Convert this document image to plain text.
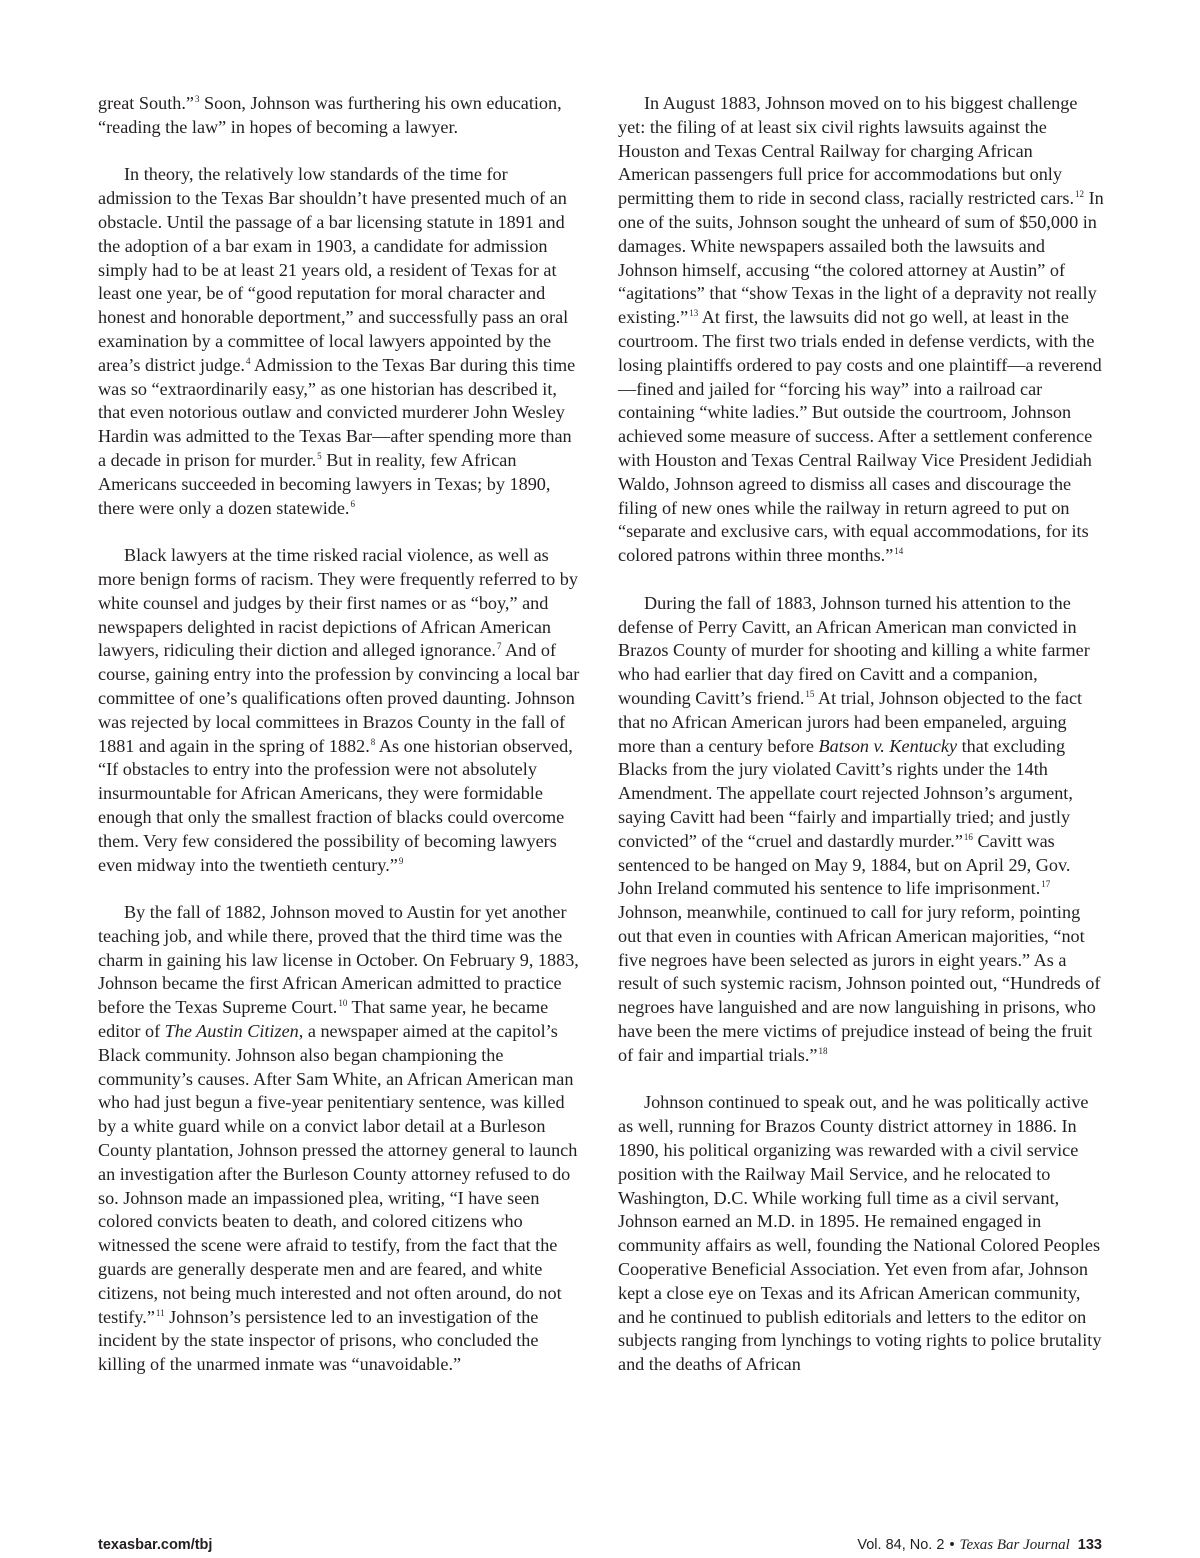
great South.”$^3$ Soon, Johnson was furthering his own education, “reading the law” in hopes of becoming a lawyer.

In theory, the relatively low standards of the time for admission to the Texas Bar shouldn’t have presented much of an obstacle. Until the passage of a bar licensing statute in 1891 and the adoption of a bar exam in 1903, a candidate for admission simply had to be at least 21 years old, a resident of Texas for at least one year, be of “good reputation for moral character and honest and honorable deportment,” and successfully pass an oral examination by a committee of local lawyers appointed by the area’s district judge.$^4$ Admission to the Texas Bar during this time was so “extraordinarily easy,” as one historian has described it, that even notorious outlaw and convicted murderer John Wesley Hardin was admitted to the Texas Bar—after spending more than a decade in prison for murder.$^5$ But in reality, few African Americans succeeded in becoming lawyers in Texas; by 1890, there were only a dozen statewide.$^6$

Black lawyers at the time risked racial violence, as well as more benign forms of racism. They were frequently referred to by white counsel and judges by their first names or as “boy,” and newspapers delighted in racist depictions of African American lawyers, ridiculing their diction and alleged ignorance.$^7$ And of course, gaining entry into the profession by convincing a local bar committee of one’s qualifications often proved daunting. Johnson was rejected by local committees in Brazos County in the fall of 1881 and again in the spring of 1882.$^8$ As one historian observed, “If obstacles to entry into the profession were not absolutely insurmountable for African Americans, they were formidable enough that only the smallest fraction of blacks could overcome them. Very few considered the possibility of becoming lawyers even midway into the twentieth century.”$^9$

By the fall of 1882, Johnson moved to Austin for yet another teaching job, and while there, proved that the third time was the charm in gaining his law license in October. On February 9, 1883, Johnson became the first African American admitted to practice before the Texas Supreme Court.$^{10}$ That same year, he became editor of The Austin Citizen, a newspaper aimed at the capitol’s Black community. Johnson also began championing the community’s causes. After Sam White, an African American man who had just begun a five-year penitentiary sentence, was killed by a white guard while on a convict labor detail at a Burleson County plantation, Johnson pressed the attorney general to launch an investigation after the Burleson County attorney refused to do so. Johnson made an impassioned plea, writing, “I have seen colored convicts beaten to death, and colored citizens who witnessed the scene were afraid to testify, from the fact that the guards are generally desperate men and are feared, and white citizens, not being much interested and not often around, do not testify.”$^{11}$ Johnson’s persistence led to an investigation of the incident by the state inspector of prisons, who concluded the killing of the unarmed inmate was “unavoidable.”

In August 1883, Johnson moved on to his biggest challenge yet: the filing of at least six civil rights lawsuits against the Houston and Texas Central Railway for charging African American passengers full price for accommodations but only permitting them to ride in second class, racially restricted cars.$^{12}$ In one of the suits, Johnson sought the unheard of sum of $50,000 in damages. White newspapers assailed both the lawsuits and Johnson himself, accusing “the colored attorney at Austin” of “agitations” that “show Texas in the light of a depravity not really existing.”$^{13}$ At first, the lawsuits did not go well, at least in the courtroom. The first two trials ended in defense verdicts, with the losing plaintiffs ordered to pay costs and one plaintiff—a reverend—fined and jailed for “forcing his way” into a railroad car containing “white ladies.” But outside the courtroom, Johnson achieved some measure of success. After a settlement conference with Houston and Texas Central Railway Vice President Jedidiah Waldo, Johnson agreed to dismiss all cases and discourage the filing of new ones while the railway in return agreed to put on “separate and exclusive cars, with equal accommodations, for its colored patrons within three months.”$^{14}$

During the fall of 1883, Johnson turned his attention to the defense of Perry Cavitt, an African American man convicted in Brazos County of murder for shooting and killing a white farmer who had earlier that day fired on Cavitt and a companion, wounding Cavitt’s friend.$^{15}$ At trial, Johnson objected to the fact that no African American jurors had been empaneled, arguing more than a century before Batson v. Kentucky that excluding Blacks from the jury violated Cavitt’s rights under the 14th Amendment. The appellate court rejected Johnson’s argument, saying Cavitt had been “fairly and impartially tried; and justly convicted” of the “cruel and dastardly murder.”$^{16}$ Cavitt was sentenced to be hanged on May 9, 1884, but on April 29, Gov. John Ireland commuted his sentence to life imprisonment.$^{17}$ Johnson, meanwhile, continued to call for jury reform, pointing out that even in counties with African American majorities, “not five negroes have been selected as jurors in eight years.” As a result of such systemic racism, Johnson pointed out, “Hundreds of negroes have languished and are now languishing in prisons, who have been the mere victims of prejudice instead of being the fruit of fair and impartial trials.”$^{18}$

Johnson continued to speak out, and he was politically active as well, running for Brazos County district attorney in 1886. In 1890, his political organizing was rewarded with a civil service position with the Railway Mail Service, and he relocated to Washington, D.C. While working full time as a civil servant, Johnson earned an M.D. in 1895. He remained engaged in community affairs as well, founding the National Colored Peoples Cooperative Beneficial Association. Yet even from afar, Johnson kept a close eye on Texas and its African American community, and he continued to publish editorials and letters to the editor on subjects ranging from lynchings to voting rights to police brutality and the deaths of African

texasbar.com/tbj	Vol. 84, No. 2 • Texas Bar Journal 133
